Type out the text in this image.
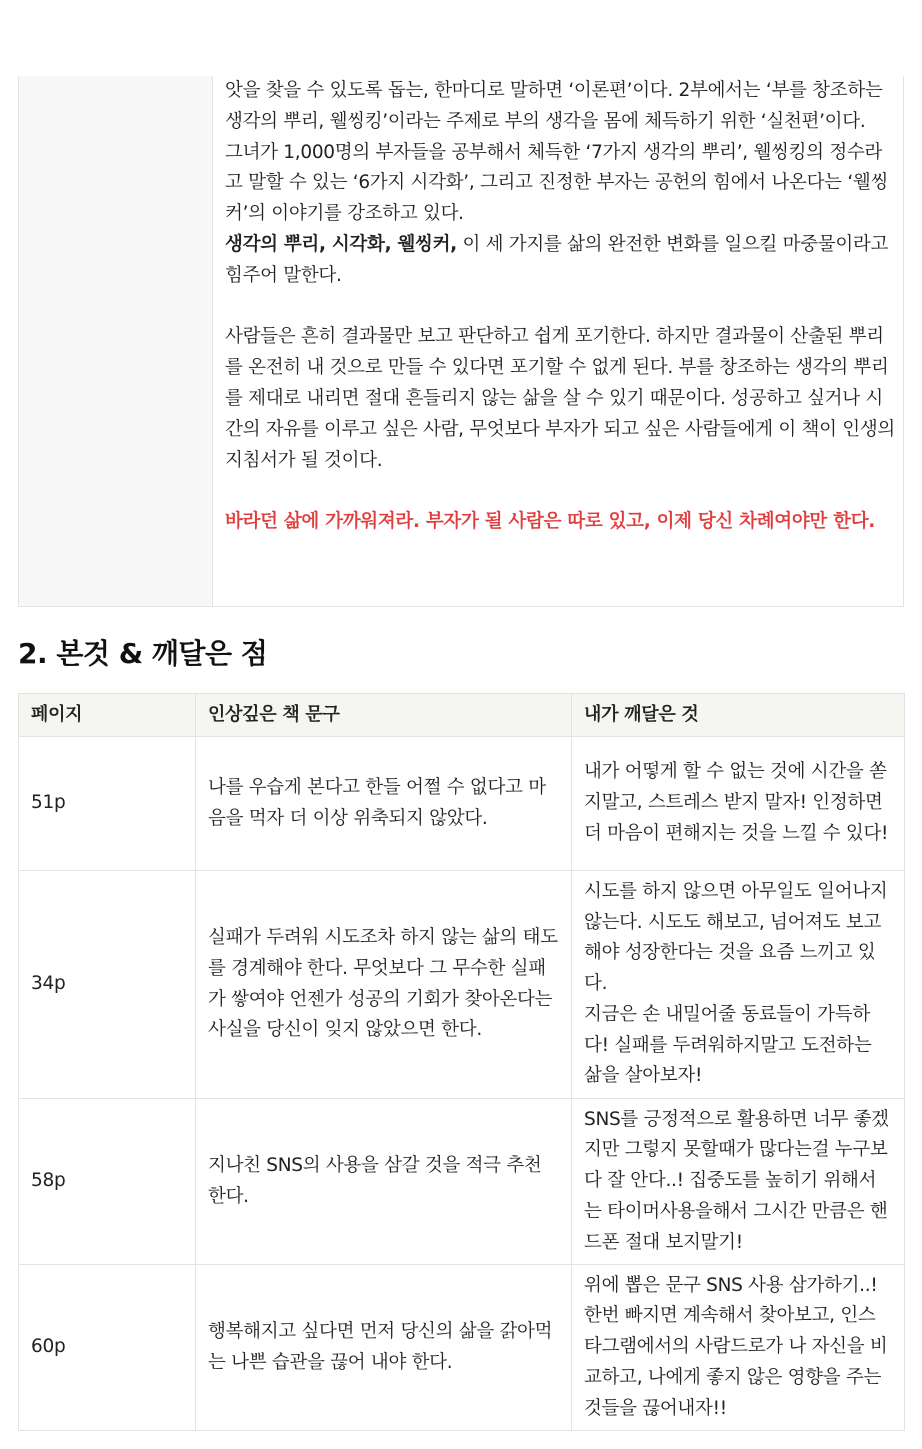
앗을 찾을 수 있도록 돕는, 한마디로 말하면 ‘이론편’이다. 2부에서는 ‘부를 창조하는 생각의 뿌리, 웰씽킹’이라는 주제로 부의 생각을 몸에 체득하기 위한 ‘실천편’이다.

그녀가 1,000명의 부자들을 공부해서 체득한 ‘7가지 생각의 뿌리’, 웰씽킹의 정수라고 말할 수 있는 ‘6가지 시각화’, 그리고 진정한 부자는 공헌의 힘에서 나온다는 ‘웰씽커’의 이야기를 강조하고 있다.

생각의 뿌리, 시각화, 웰씽커, 이 세 가지를 삶의 완전한 변화를 일으킬 마중물이라고 힘주어 말한다.

사람들은 흔히 결과물만 보고 판단하고 쉽게 포기한다. 하지만 결과물이 산출된 뿌리를 온전히 내 것으로 만들 수 있다면 포기할 수 없게 된다. 부를 창조하는 생각의 뿌리를 제대로 내리면 절대 흔들리지 않는 삶을 살 수 있기 때문이다. 성공하고 싶거나 시간의 자유를 이루고 싶은 사람, 무엇보다 부자가 되고 싶은 사람들에게 이 책이 인생의 지침서가 될 것이다.

바라던 삶에 가까워져라. 부자가 될 사람은 따로 있고, 이제 당신 차례여야만 한다.

2. 본것 & 깨달은 점
페이지	인상깊은 책 문구	내가 깨달은 것
51p	나를 우습게 본다고 한들 어쩔 수 없다고 마음을 먹자 더 이상 위축되지 않았다.	내가 어떻게 할 수 없는 것에 시간을 쏟지말고, 스트레스 받지 말자! 인정하면 더 마음이 편해지는 것을 느낄 수 있다!
34p	실패가 두려워 시도조차 하지 않는 삶의 태도를 경계해야 한다. 무엇보다 그 무수한 실패가 쌓여야 언젠가 성공의 기회가 찾아온다는 사실을 당신이 잊지 않았으면 한다.	시도를 하지 않으면 아무일도 일어나지 않는다. 시도도 해보고, 넘어져도 보고 해야 성장한다는 것을 요즘 느끼고 있다.
지금은 손 내밀어줄 동료들이 가득하다! 실패를 두려워하지말고 도전하는 삶을 살아보자!

58p	지나친 SNS의 사용을 삼갈 것을 적극 추천한다.	SNS를 긍정적으로 활용하면 너무 좋겠지만 그렇지 못할때가 많다는걸 누구보다 잘 안다..! 집중도를 높히기 위해서는 타이머사용을해서 그시간 만큼은 핸드폰 절대 보지말기!
60p	행복해지고 싶다면 먼저 당신의 삶을 갉아먹는 나쁜 습관을 끊어 내야 한다.	위에 뽑은 문구 SNS 사용 삼가하기..! 한번 빠지면 계속해서 찾아보고, 인스타그램에서의 사람드로가 나 자신을 비교하고, 나에게 좋지 않은 영향을 주는 것들을 끊어내자!!
